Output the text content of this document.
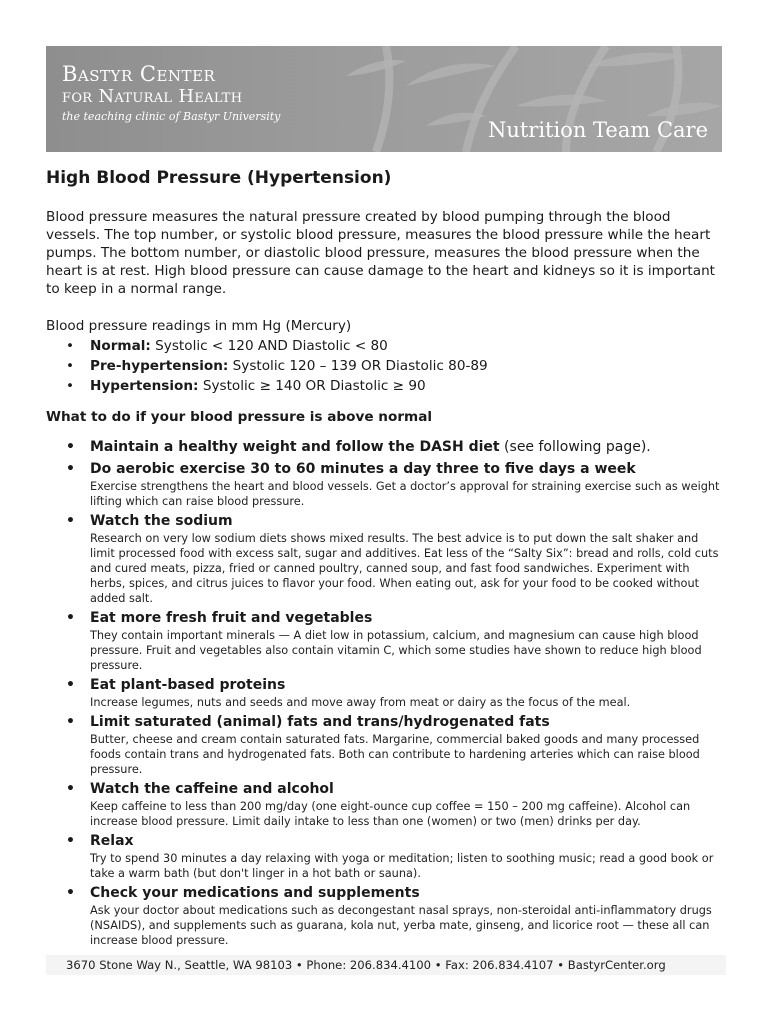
Bastyr Center
for Natural Health
the teaching clinic of Bastyr University
Nutrition Team Care
High Blood Pressure (Hypertension)
Blood pressure measures the natural pressure created by blood pumping through the blood vessels. The top number, or systolic blood pressure, measures the blood pressure while the heart pumps. The bottom number, or diastolic blood pressure, measures the blood pressure when the heart is at rest. High blood pressure can cause damage to the heart and kidneys so it is important to keep in a normal range.
Blood pressure readings in mm Hg (Mercury)
• Normal: Systolic < 120 AND Diastolic < 80
• Pre-hypertension: Systolic 120 – 139 OR Diastolic 80-89
• Hypertension: Systolic ≥ 140 OR Diastolic ≥ 90
What to do if your blood pressure is above normal
• Maintain a healthy weight and follow the DASH diet (see following page).
• Do aerobic exercise 30 to 60 minutes a day three to five days a week
Exercise strengthens the heart and blood vessels. Get a doctor’s approval for straining exercise such as weight lifting which can raise blood pressure.
• Watch the sodium
Research on very low sodium diets shows mixed results. The best advice is to put down the salt shaker and limit processed food with excess salt, sugar and additives. Eat less of the “Salty Six”: bread and rolls, cold cuts and cured meats, pizza, fried or canned poultry, canned soup, and fast food sandwiches. Experiment with herbs, spices, and citrus juices to flavor your food. When eating out, ask for your food to be cooked without added salt.
• Eat more fresh fruit and vegetables
They contain important minerals — A diet low in potassium, calcium, and magnesium can cause high blood pressure. Fruit and vegetables also contain vitamin C, which some studies have shown to reduce high blood pressure.
• Eat plant-based proteins
Increase legumes, nuts and seeds and move away from meat or dairy as the focus of the meal.
• Limit saturated (animal) fats and trans/hydrogenated fats
Butter, cheese and cream contain saturated fats. Margarine, commercial baked goods and many processed foods contain trans and hydrogenated fats. Both can contribute to hardening arteries which can raise blood pressure.
• Watch the caffeine and alcohol
Keep caffeine to less than 200 mg/day (one eight-ounce cup coffee = 150 – 200 mg caffeine). Alcohol can increase blood pressure. Limit daily intake to less than one (women) or two (men) drinks per day.
• Relax
Try to spend 30 minutes a day relaxing with yoga or meditation; listen to soothing music; read a good book or take a warm bath (but don't linger in a hot bath or sauna).
• Check your medications and supplements
Ask your doctor about medications such as decongestant nasal sprays, non-steroidal anti-inflammatory drugs (NSAIDS), and supplements such as guarana, kola nut, yerba mate, ginseng, and licorice root — these all can increase blood pressure.
3670 Stone Way N., Seattle, WA 98103 • Phone: 206.834.4100 • Fax: 206.834.4107 • BastyrCenter.org
